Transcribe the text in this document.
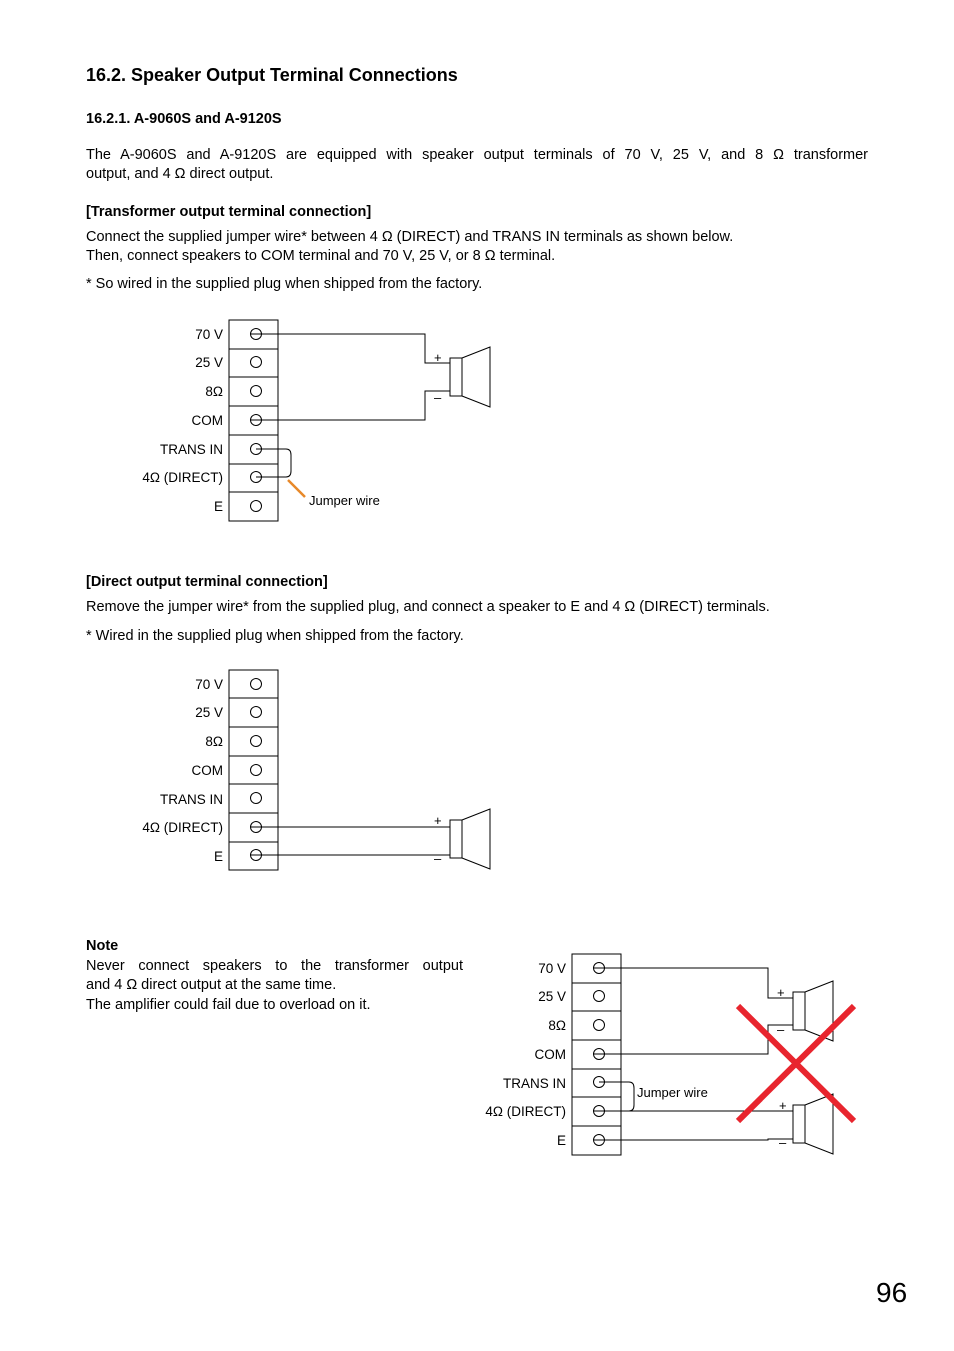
16.2. Speaker Output Terminal Connections
16.2.1. A-9060S and A-9120S
The A-9060S and A-9120S are equipped with speaker output terminals of 70 V, 25 V, and 8 Ω transformer
output, and 4 Ω direct output.
[Transformer output terminal connection]
Connect the supplied jumper wire* between 4 Ω (DIRECT) and TRANS IN terminals as shown below.
Then, connect speakers to COM terminal and 70 V, 25 V, or 8 Ω terminal.
* So wired in the supplied plug when shipped from the factory.
70 V
25 V
8Ω
COM
TRANS IN
4Ω (DIRECT)
E	Jumper wire
+
–
[Direct output terminal connection]
Remove the jumper wire* from the supplied plug, and connect a speaker to E and 4 Ω (DIRECT) terminals.
* Wired in the supplied plug when shipped from the factory.
70 V
25 V
8Ω
COM
TRANS IN
4Ω (DIRECT)
E
+
–
Note
Never connect speakers to the transformer output
and 4 Ω direct output at the same time.
The amplifier could fail due to overload on it.
70 V
25 V
8Ω
COM
TRANS IN
4Ω (DIRECT)
E
Jumper wire
+
–
+
–
96
